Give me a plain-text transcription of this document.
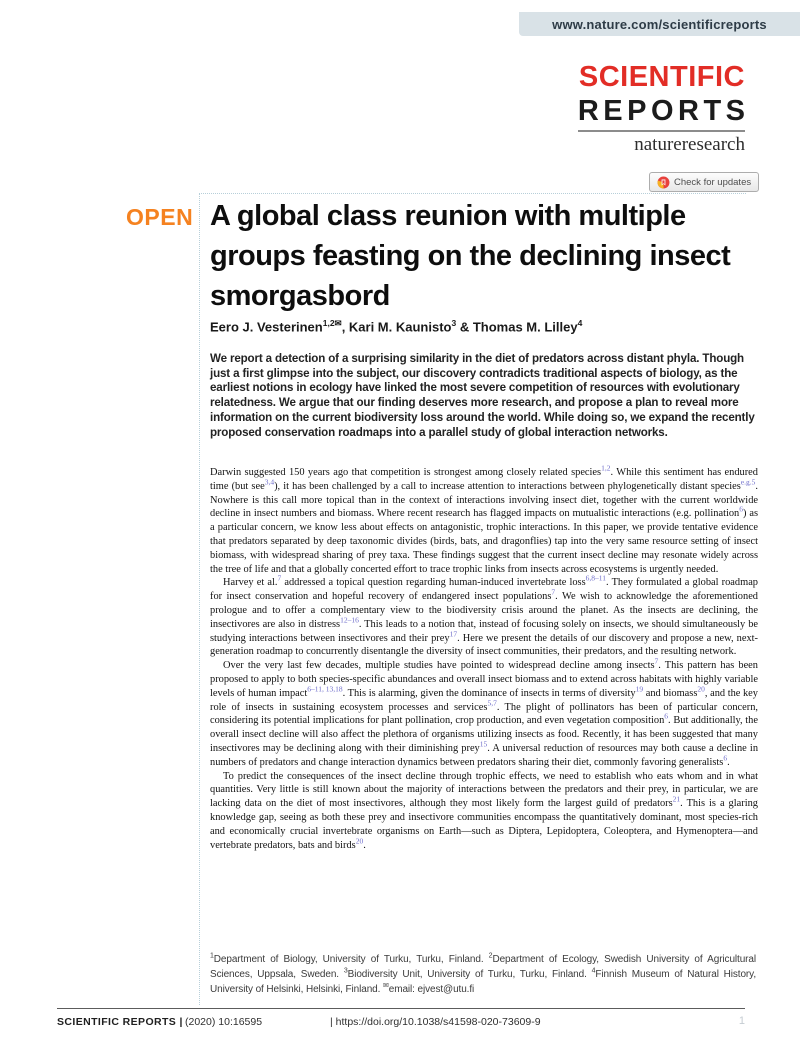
www.nature.com/scientificreports
SCIENTIFIC
REPORTS
natureresearch
Check for updates
OPEN A global class reunion with multiple groups feasting on the declining insect smorgasbord
Eero J. Vesterinen$^{1,2✉}$, Kari M. Kaunisto$^3$ & Thomas M. Lilley$^4$

We report a detection of a surprising similarity in the diet of predators across distant phyla. Though just a first glimpse into the subject, our discovery contradicts traditional aspects of biology, as the earliest notions in ecology have linked the most severe competition of resources with evolutionary relatedness. We argue that our finding deserves more research, and propose a plan to reveal more information on the current biodiversity loss around the world. While doing so, we expand the recently proposed conservation roadmaps into a parallel study of global interaction networks.

Darwin suggested 150 years ago that competition is strongest among closely related species$^{1,2}$. While this sentiment has endured time (but see$^{3,4}$), it has been challenged by a call to increase attention to interactions between phylogenetically distant species$^{e.g.5}$. Nowhere is this call more topical than in the context of interactions involving insect diet, together with the current worldwide decline in insect numbers and biomass. Where recent research has flagged impacts on mutualistic interactions (e.g. pollination$^6$) as a particular concern, we know less about effects on antagonistic, trophic interactions. In this paper, we provide tentative evidence that predators separated by deep taxonomic divides (birds, bats, and dragonflies) tap into the very same resource setting of insect biomass, with widespread sharing of prey taxa. These findings suggest that the current insect decline may resonate widely across the tree of life and that a globally concerted effort to trace trophic links from insects across ecosystems is urgently needed.

Harvey et al.$^7$ addressed a topical question regarding human-induced invertebrate loss$^{6,8-11}$. They formulated a global roadmap for insect conservation and hopeful recovery of endangered insect populations$^7$. We wish to acknowledge the aforementioned prologue and to offer a complementary view to the biodiversity crisis around the planet. As the insects are declining, the insectivores are also in distress$^{12-16}$. This leads to a notion that, instead of focusing solely on insects, we should simultaneously be studying interactions between insectivores and their prey$^{17}$. Here we present the details of our discovery and propose a new, next-generation roadmap to concurrently disentangle the diversity of insect communities, their predators, and the resulting network.

Over the very last few decades, multiple studies have pointed to widespread decline among insects$^7$. This pattern has been proposed to apply to both species-specific abundances and overall insect biomass and to extend across habitats with highly variable levels of human impact$^{6-11, 13,18}$. This is alarming, given the dominance of insects in terms of diversity$^{19}$ and biomass$^{20}$, and the key role of insects in sustaining ecosystem processes and services$^{5,7}$. The plight of pollinators has been of particular concern, considering its potential implications for plant pollination, crop production, and even vegetation composition$^6$. But additionally, the overall insect decline will also affect the plethora of organisms utilizing insects as food. Recently, it has been suggested that many insectivores may be declining along with their diminishing prey$^{15}$. A universal reduction of resources may both cause a decline in numbers of predators and change interaction dynamics between predators sharing their diet, commonly favoring generalists$^6$.

To predict the consequences of the insect decline through trophic effects, we need to establish who eats whom and in what quantities. Very little is still known about the majority of interactions between the predators and their prey, in particular, we are lacking data on the diet of most insectivores, although they most likely form the largest guild of predators$^{21}$. This is a glaring knowledge gap, seeing as both these prey and insectivore communities encompass the quantitatively dominant, most species-rich and economically crucial invertebrate organisms on Earth—such as Diptera, Lepidoptera, Coleoptera, and Hymenoptera—and vertebrate predators, bats and birds$^{20}$.

$^1$Department of Biology, University of Turku, Turku, Finland. $^2$Department of Ecology, Swedish University of Agricultural Sciences, Uppsala, Sweden. $^3$Biodiversity Unit, University of Turku, Turku, Finland. $^4$Finnish Museum of Natural History, University of Helsinki, Helsinki, Finland. ✉email: ejvest@utu.fi
SCIENTIFIC REPORTS | (2020) 10:16595	| https://doi.org/10.1038/s41598-020-73609-9	1
